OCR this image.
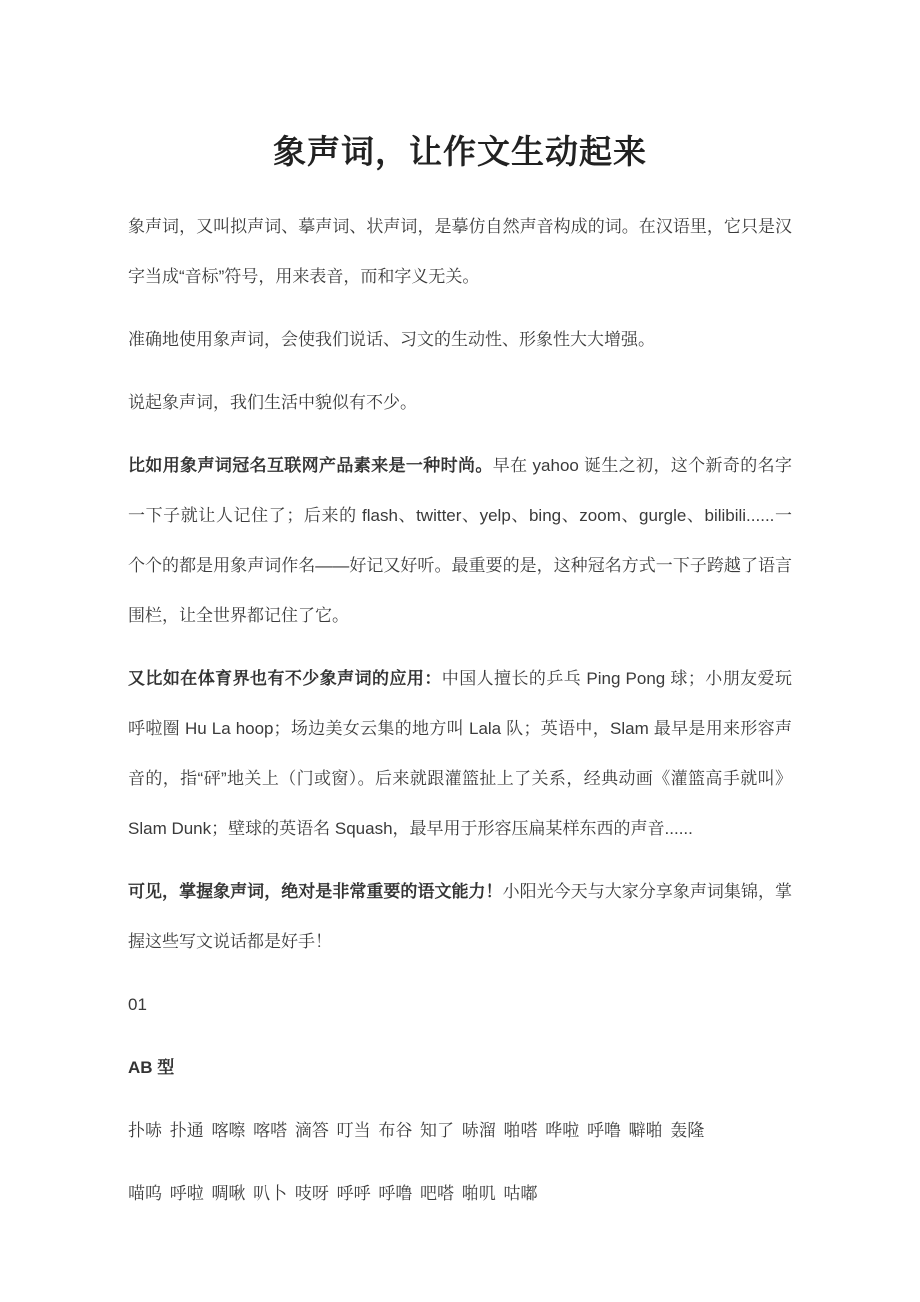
象声词，让作文生动起来

象声词，又叫拟声词、摹声词、状声词，是摹仿自然声音构成的词。在汉语里，它只是汉字当成“音标”符号，用来表音，而和字义无关。

准确地使用象声词，会使我们说话、习文的生动性、形象性大大增强。

说起象声词，我们生活中貌似有不少。

比如用象声词冠名互联网产品素来是一种时尚。早在 yahoo 诞生之初，这个新奇的名字一下子就让人记住了；后来的 flash、twitter、yelp、bing、zoom、gurgle、bilibili......一个个的都是用象声词作名——好记又好听。最重要的是，这种冠名方式一下子跨越了语言围栏，让全世界都记住了它。

又比如在体育界也有不少象声词的应用：中国人擅长的乒乓 Ping Pong 球；小朋友爱玩呼啦圈 Hu La hoop；场边美女云集的地方叫 Lala 队；英语中，Slam 最早是用来形容声音的，指“砰”地关上（门或窗）。后来就跟灌篮扯上了关系，经典动画《灌篮高手就叫》Slam Dunk；壁球的英语名 Squash，最早用于形容压扁某样东西的声音......

可见，掌握象声词，绝对是非常重要的语文能力！小阳光今天与大家分享象声词集锦，掌握这些写文说话都是好手！

01

AB 型

扑哧 扑通 喀嚓 喀嗒 滴答 叮当 布谷 知了 哧溜 啪嗒 哗啦 呼噜 噼啪 轰隆

喵呜 呼啦 啁啾 叭卜 吱呀 呼呼 呼噜 吧嗒 啪叽 咕嘟
